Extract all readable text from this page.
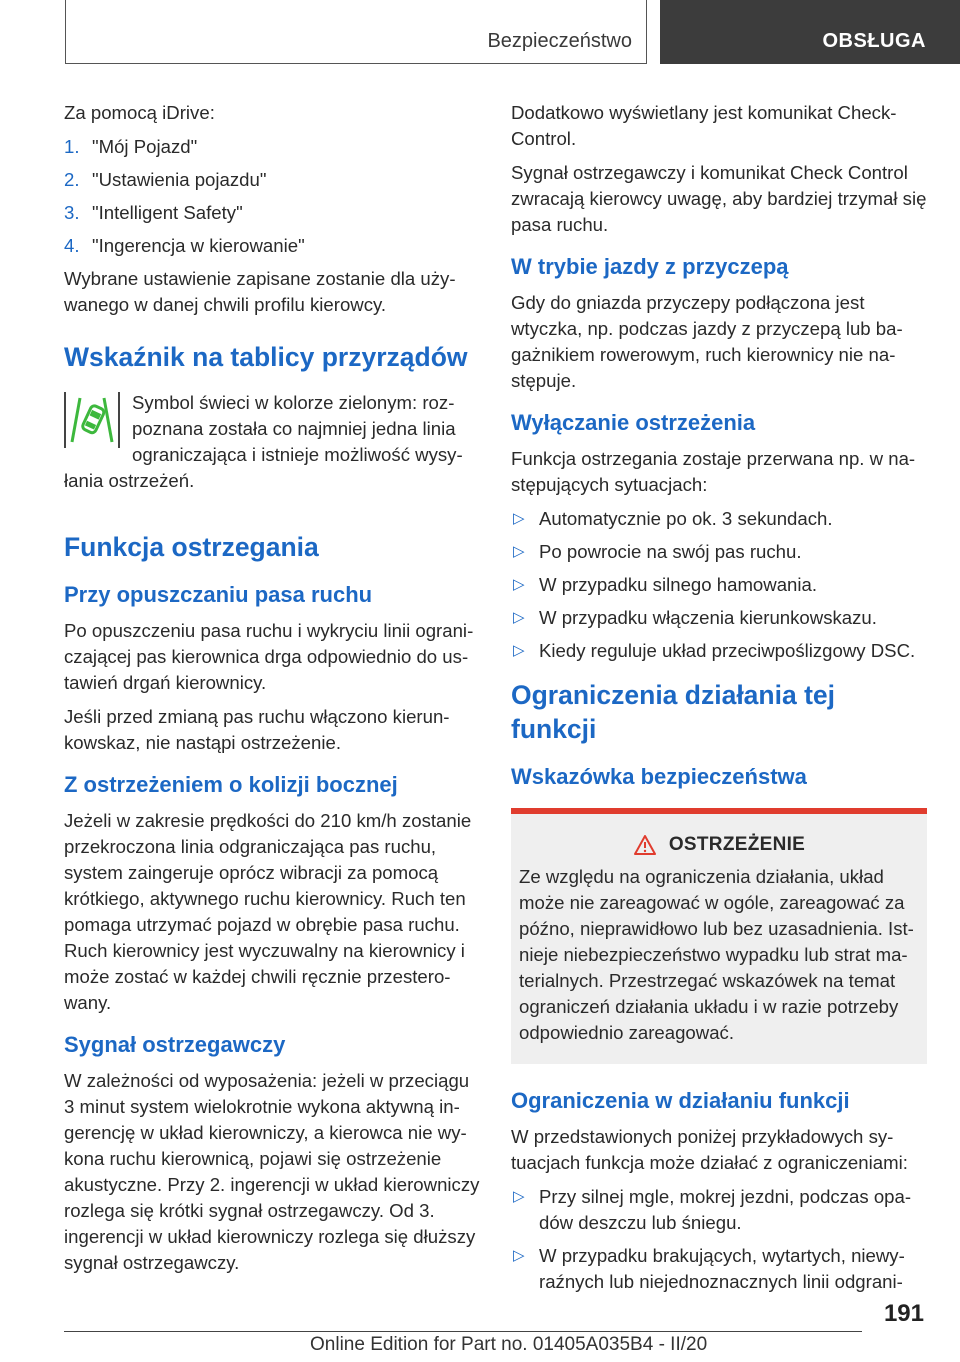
Bezpieczeństwo	OBSŁUGA

Za pomocą iDrive:

1. "Mój Pojazd"
2. "Ustawienia pojazdu"
3. "Intelligent Safety"
4. "Ingerencja w kierowanie"

Wybrane ustawienie zapisane zostanie dla używanego w danej chwili profilu kierowcy.

Wskaźnik na tablicy przyrządów

Symbol świeci w kolorze zielonym: rozpoznana została co najmniej jedna linia ograniczająca i istnieje możliwość wysyłania ostrzeżeń.

Funkcja ostrzegania
Przy opuszczaniu pasa ruchu

Po opuszczeniu pasa ruchu i wykryciu linii ograniczającej pas kierownica drga odpowiednio do ustawień drgań kierownicy.

Jeśli przed zmianą pas ruchu włączono kierunkowskaz, nie nastąpi ostrzeżenie.

Z ostrzeżeniem o kolizji bocznej

Jeżeli w zakresie prędkości do 210 km/h zostanie przekroczona linia odgraniczająca pas ruchu, system zaingeruje oprócz wibracji za pomocą krótkiego, aktywnego ruchu kierownicy. Ruch ten pomaga utrzymać pojazd w obrębie pasa ruchu. Ruch kierownicy jest wyczuwalny na kierownicy i może zostać w każdej chwili ręcznie przesterowany.

Sygnał ostrzegawczy

W zależności od wyposażenia: jeżeli w przeciągu 3 minut system wielokrotnie wykona aktywną ingerencję w układ kierowniczy, a kierowca nie wykona ruchu kierownicą, pojawi się ostrzeżenie akustyczne. Przy 2. ingerencji w układ kierowniczy rozlega się krótki sygnał ostrzegawczy. Od 3. ingerencji w układ kierowniczy rozlega się dłuższy sygnał ostrzegawczy.

Dodatkowo wyświetlany jest komunikat Check-Control.

Sygnał ostrzegawczy i komunikat Check Control zwracają kierowcy uwagę, aby bardziej trzymał się pasa ruchu.

W trybie jazdy z przyczepą

Gdy do gniazda przyczepy podłączona jest wtyczka, np. podczas jazdy z przyczepą lub bagażnikiem rowerowym, ruch kierownicy nie następuje.

Wyłączanie ostrzeżenia

Funkcja ostrzegania zostaje przerwana np. w następujących sytuacjach:

▷ Automatycznie po ok. 3 sekundach.
▷ Po powrocie na swój pas ruchu.
▷ W przypadku silnego hamowania.
▷ W przypadku włączenia kierunkowskazu.
▷ Kiedy reguluje układ przeciwpoślizgowy DSC.
Ograniczenia działania tej funkcji
Wskazówka bezpieczeństwa
OSTRZEŻENIE

Ze względu na ograniczenia działania, układ może nie zareagować w ogóle, zareagować za późno, nieprawidłowo lub bez uzasadnienia. Istnieje niebezpieczeństwo wypadku lub strat materialnych. Przestrzegać wskazówek na temat ograniczeń działania układu i w razie potrzeby odpowiednio zareagować.

Ograniczenia w działaniu funkcji

W przedstawionych poniżej przykładowych sytuacjach funkcja może działać z ograniczeniami:

▷ Przy silnej mgle, mokrej jezdni, podczas opadów deszczu lub śniegu.
▷ W przypadku brakujących, wytartych, niewyraźnych lub niejednoznacznych linii odgrani-
191
Online Edition for Part no. 01405A035B4 - II/20
